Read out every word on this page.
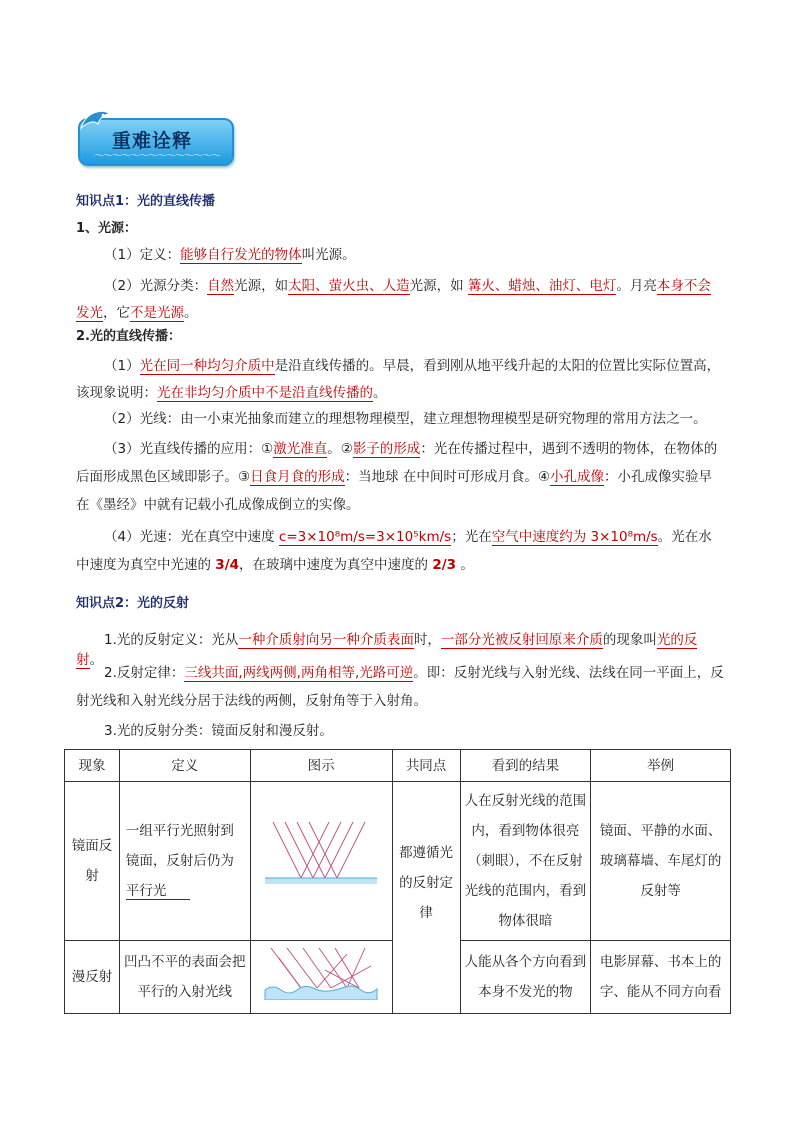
重难诠释
～～～～～～～～～～～～～～

知识点1：光的直线传播

1、光源：

（1）定义：能够自行发光的物体叫光源。

（2）光源分类：自然光源，如太阳、萤火虫、人造光源，如 篝火、蜡烛、油灯、电灯。月亮本身不会发光，它不是光源。

2.光的直线传播：

（1）光在同一种均匀介质中是沿直线传播的。早晨，看到刚从地平线升起的太阳的位置比实际位置高，该现象说明：光在非均匀介质中不是沿直线传播的。

（2）光线：由一小束光抽象而建立的理想物理模型，建立理想物理模型是研究物理的常用方法之一。

（3）光直线传播的应用：①激光准直。②影子的形成：光在传播过程中，遇到不透明的物体，在物体的后面形成黑色区域即影子。③日食月食的形成：当地球 在中间时可形成月食。④小孔成像：小孔成像实验早在《墨经》中就有记载小孔成像成倒立的实像。

（4）光速：光在真空中速度 c=3×10⁸m/s=3×10⁵km/s；光在空气中速度约为 3×10⁸m/s。光在水中速度为真空中光速的 3/4，在玻璃中速度为真空中速度的 2/3 。

知识点2：光的反射

1.光的反射定义：光从一种介质射向另一种介质表面时，一部分光被反射回原来介质的现象叫光的反射。

2.反射定律：三线共面,两线两侧,两角相等,光路可逆。即：反射光线与入射光线、法线在同一平面上，反射光线和入射光线分居于法线的两侧，反射角等于入射角。

3.光的反射分类：镜面反射和漫反射。

现象	定义	图示	共同点	看到的结果	举例
镜面反射	一组平行光照射到镜面，反射后仍为
平行光		都遵循光的反射定律	人在反射光线的范围内，看到物体很亮（刺眼），不在反射光线的范围内，看到物体很暗	镜面、平静的水面、玻璃幕墙、车尾灯的反射等
漫反射	凹凸不平的表面会把平行的入射光线			人能从各个方向看到本身不发光的物	电影屏幕、书本上的字、能从不同方向看
